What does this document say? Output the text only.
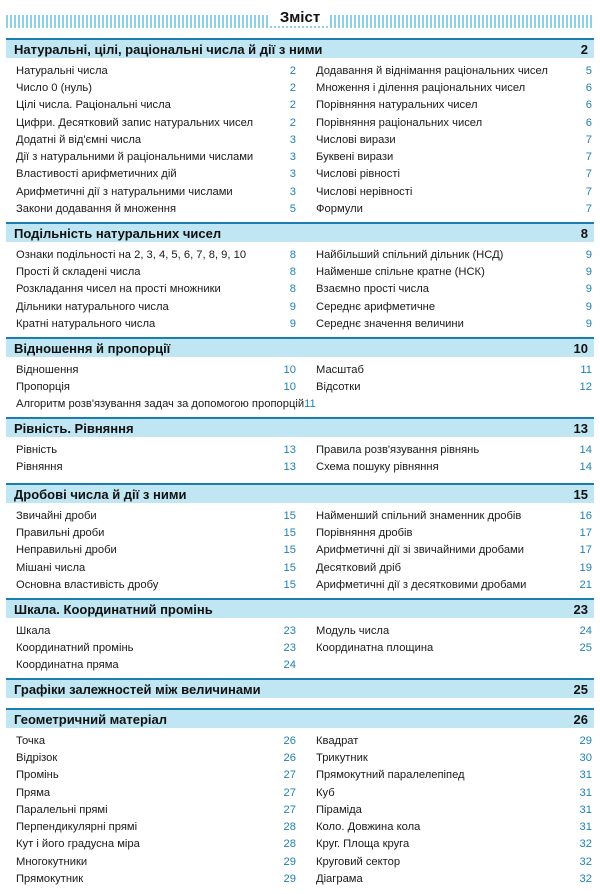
Зміст
Натуральні, цілі, раціональні числа й дії з ними	2
Натуральні числа	2
Число 0 (нуль)	2
Цілі числа. Раціональні числа	2
Цифри. Десятковий запис натуральних чисел	2
Додатні й від'ємні числа	3
Дії з натуральними й раціональними числами	3
Властивості арифметичних дій	3
Арифметичні дії з натуральними числами	3
Закони додавання й множення	5
Додавання й віднімання раціональних чисел	5
Множення і ділення раціональних чисел	6
Порівняння натуральних чисел	6
Порівняння раціональних чисел	6
Числові вирази	7
Буквені вирази	7
Числові рівності	7
Числові нерівності	7
Формули	7
Подільність натуральних чисел	8
Ознаки подільності на 2, 3, 4, 5, 6, 7, 8, 9, 10	8
Прості й складені числа	8
Розкладання чисел на прості множники	8
Дільники натурального числа	9
Кратні натурального числа	9
Найбільший спільний дільник (НСД)	9
Найменше спільне кратне (НСК)	9
Взаємно прості числа	9
Середнє арифметичне	9
Середнє значення величини	9
Відношення й пропорції	10
Відношення	10
Пропорція	10
Алгоритм розв'язування задач за допомогою пропорцій 11
Масштаб	11
Відсотки	12
Рівність. Рівняння	13
Рівність	13
Рівняння	13
Правила розв'язування рівнянь	14
Схема пошуку рівняння	14
Дробові числа й дії з ними	15
Звичайні дроби	15
Правильні дроби	15
Неправильні дроби	15
Мішані числа	15
Основна властивість дробу	15
Найменший спільний знаменник дробів	16
Порівняння дробів	17
Арифметичні дії зі звичайними дробами	17
Десятковий дріб	19
Арифметичні дії з десятковими дробами	21
Шкала. Координатний промінь	23
Шкала	23
Координатний промінь	23
Координатна пряма	24
Модуль числа	24
Координатна площина	25
Графіки залежностей між величинами	25
Геометричний матеріал	26
Точка	26
Відрізок	26
Промінь	27
Пряма	27
Паралельні прямі	27
Перпендикулярні прямі	28
Кут і його градусна міра	28
Многокутники	29
Прямокутник	29
Квадрат	29
Трикутник	30
Прямокутний паралелепіпед	31
Куб	31
Піраміда	31
Коло. Довжина кола	31
Круг. Площа круга	32
Круговий сектор	32
Діаграма	32
